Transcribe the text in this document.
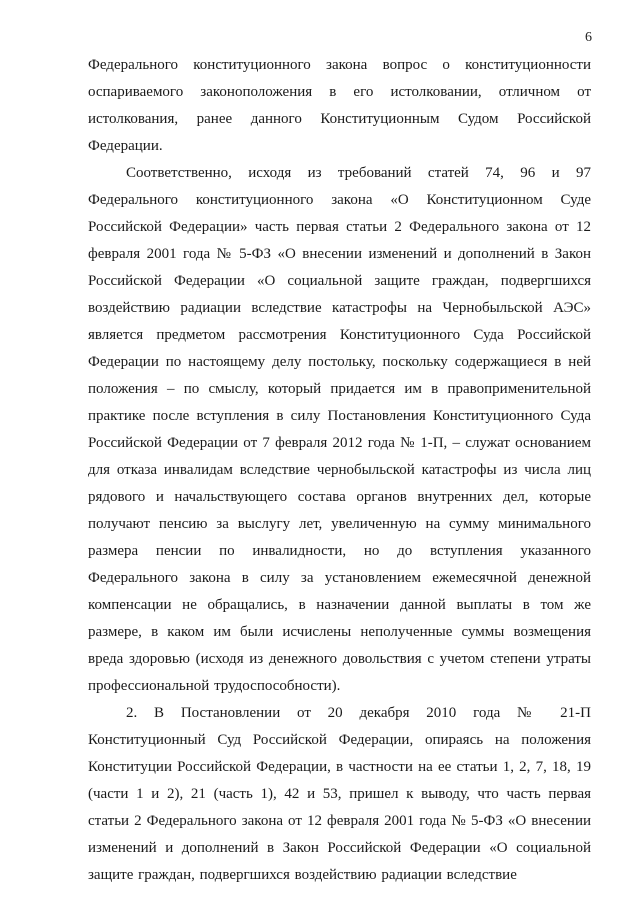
6

Федерального конституционного закона вопрос о конституционности оспариваемого законоположения в его истолковании, отличном от истолкования, ранее данного Конституционным Судом Российской Федерации.

Соответственно, исходя из требований статей 74, 96 и 97 Федерального конституционного закона «О Конституционном Суде Российской Федерации» часть первая статьи 2 Федерального закона от 12 февраля 2001 года № 5-ФЗ «О внесении изменений и дополнений в Закон Российской Федерации «О социальной защите граждан, подвергшихся воздействию радиации вследствие катастрофы на Чернобыльской АЭС» является предметом рассмотрения Конституционного Суда Российской Федерации по настоящему делу постольку, поскольку содержащиеся в ней положения – по смыслу, который придается им в правоприменительной практике после вступления в силу Постановления Конституционного Суда Российской Федерации от 7 февраля 2012 года № 1-П, – служат основанием для отказа инвалидам вследствие чернобыльской катастрофы из числа лиц рядового и начальствующего состава органов внутренних дел, которые получают пенсию за выслугу лет, увеличенную на сумму минимального размера пенсии по инвалидности, но до вступления указанного Федерального закона в силу за установлением ежемесячной денежной компенсации не обращались, в назначении данной выплаты в том же размере, в каком им были исчислены неполученные суммы возмещения вреда здоровью (исходя из денежного довольствия с учетом степени утраты профессиональной трудоспособности).

2. В Постановлении от 20 декабря 2010 года № 21-П Конституционный Суд Российской Федерации, опираясь на положения Конституции Российской Федерации, в частности на ее статьи 1, 2, 7, 18, 19 (части 1 и 2), 21 (часть 1), 42 и 53, пришел к выводу, что часть первая статьи 2 Федерального закона от 12 февраля 2001 года № 5-ФЗ «О внесении изменений и дополнений в Закон Российской Федерации «О социальной защите граждан, подвергшихся воздействию радиации вследствие
